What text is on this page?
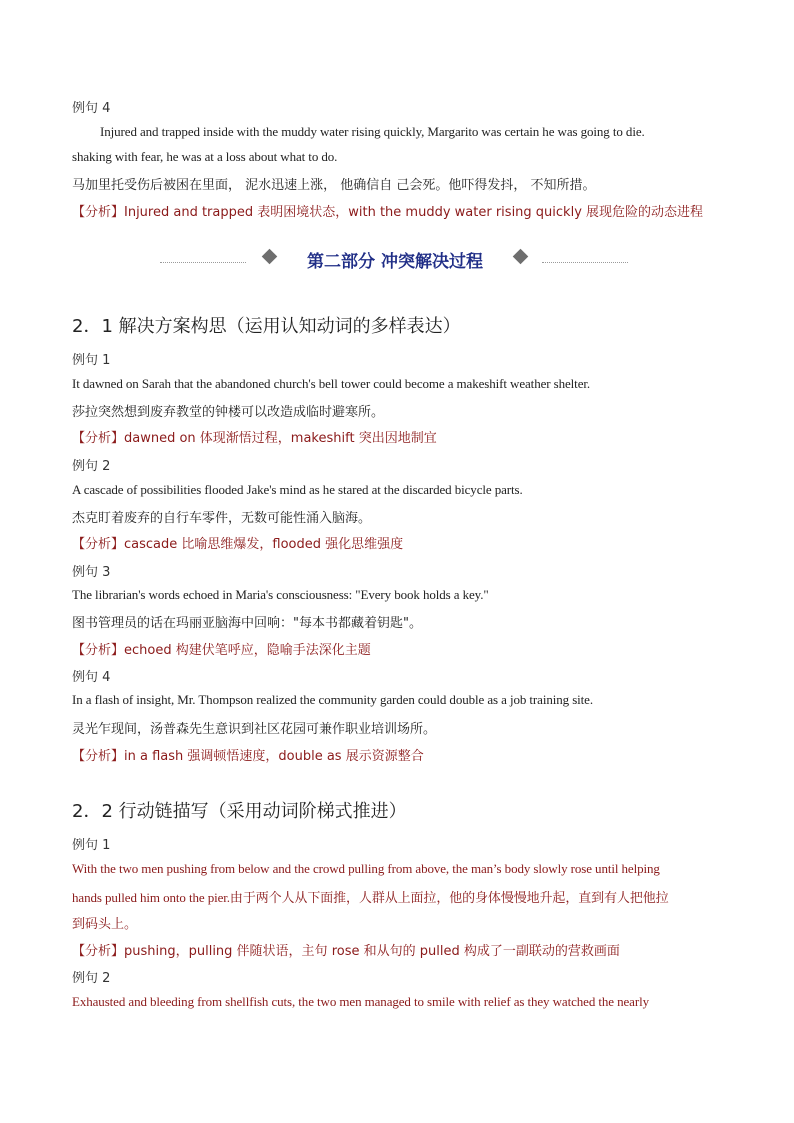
例句 4
Injured and trapped inside with the muddy water rising quickly, Margarito was certain he was going to die.
shaking with fear, he was at a loss about what to do.
马加里托受伤后被困在里面， 泥水迅速上涨， 他确信自 己会死。他吓得发抖， 不知所措。
【分析】Injured and trapped 表明困境状态，with the muddy water rising quickly 展现危险的动态进程
第二部分 冲突解决过程
2．1 解决方案构思（运用认知动词的多样表达）
例句 1
It dawned on Sarah that the abandoned church's bell tower could become a makeshift weather shelter.
莎拉突然想到废弃教堂的钟楼可以改造成临时避寒所。
【分析】dawned on 体现渐悟过程，makeshift 突出因地制宜
例句 2
A cascade of possibilities flooded Jake's mind as he stared at the discarded bicycle parts.
杰克盯着废弃的自行车零件，无数可能性涌入脑海。
【分析】cascade 比喻思维爆发，flooded 强化思维强度
例句 3
The librarian's words echoed in Maria's consciousness: "Every book holds a key."
图书管理员的话在玛丽亚脑海中回响："每本书都藏着钥匙"。
【分析】echoed 构建伏笔呼应，隐喻手法深化主题
例句 4
In a flash of insight, Mr. Thompson realized the community garden could double as a job training site.
灵光乍现间，汤普森先生意识到社区花园可兼作职业培训场所。
【分析】in a flash 强调顿悟速度，double as 展示资源整合
2．2 行动链描写（采用动词阶梯式推进）
例句 1
With the two men pushing from below and the crowd pulling from above, the man’s body slowly rose until helping
hands pulled him onto the pier.由于两个人从下面推，人群从上面拉，他的身体慢慢地升起，直到有人把他拉
到码头上。
【分析】pushing，pulling 伴随状语，主句 rose 和从句的 pulled 构成了一副联动的营救画面
例句 2
Exhausted and bleeding from shellfish cuts, the two men managed to smile with relief as they watched the nearly
